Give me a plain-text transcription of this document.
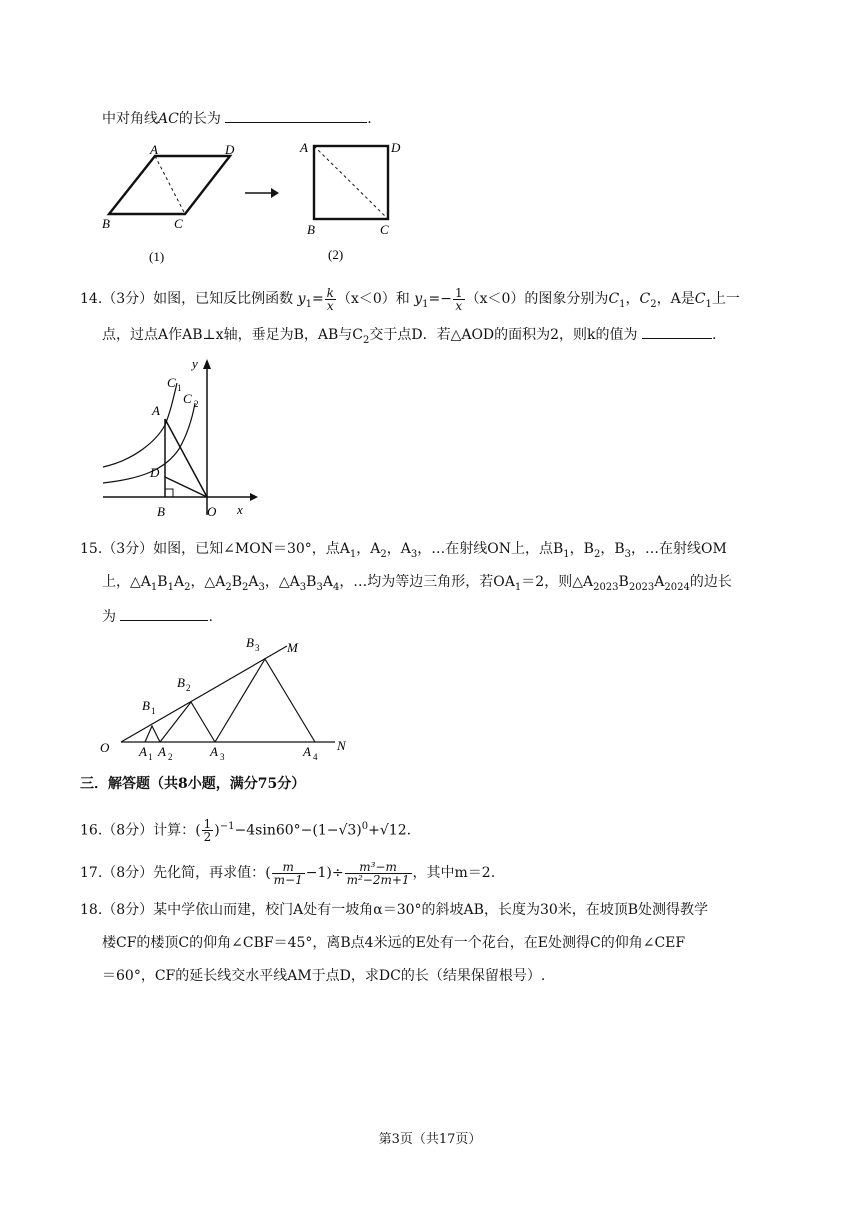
中对角线AC的长为	.
A	D
B	C
A	D
B	C
(1)	(2)
14.（3分）如图，已知反比例函数 $y_1= \frac{k}{x} (x<0)$和 $y_1=- \frac{1}{x} (x<0)$的图象分别为$C_1$，$C_2$，A是$C_1$上一
点，过点A作AB⊥x轴，垂足为B，AB与$C_2$交于点D．若△AOD的面积为2，则k的值为	.
y
x
O
A
B
D
C 1
C 2
15.（3分）如图，已知∠MON＝30°，点$A_1$，$A_2$，$A_3$，…在射线ON上，点$B_1$，$B_2$，$B_3$，…在射线OM
上，$\triangle A_1B_1A_2$，$\triangle A_2B_2A_3$，$\triangle A_3B_3A_4$，…均为等边三角形，若$OA_1=2$，则$\triangle A_{2023}B_{2023}A_{2024}$的边长
为	.
O	N
M
A 1 A 2	A 3	A 4
B 1
B 2
B 3
三．解答题（共8小题，满分75分）
16.（8分）计算：( $\frac{1}{2} )^{-1}-4\sin 60^\circ-(1-√3)^0+√12$.
17.（8分）先化简，再求值：( $\frac{m}{m-1} -1)\div \frac{\text{m³−m}}{\text{m²−2m+1}}$ ，其中m＝2.
18.（8分）某中学依山而建，校门A处有一坡角α＝30°的斜坡AB，长度为30米，在坡顶B处测得教学
楼CF的楼顶C的仰角∠CBF＝45°，离B点4米远的E处有一个花台，在E处测得C的仰角∠CEF
＝60°，CF的延长线交水平线AM于点D，求DC的长（结果保留根号）.
第3页（共17页）
